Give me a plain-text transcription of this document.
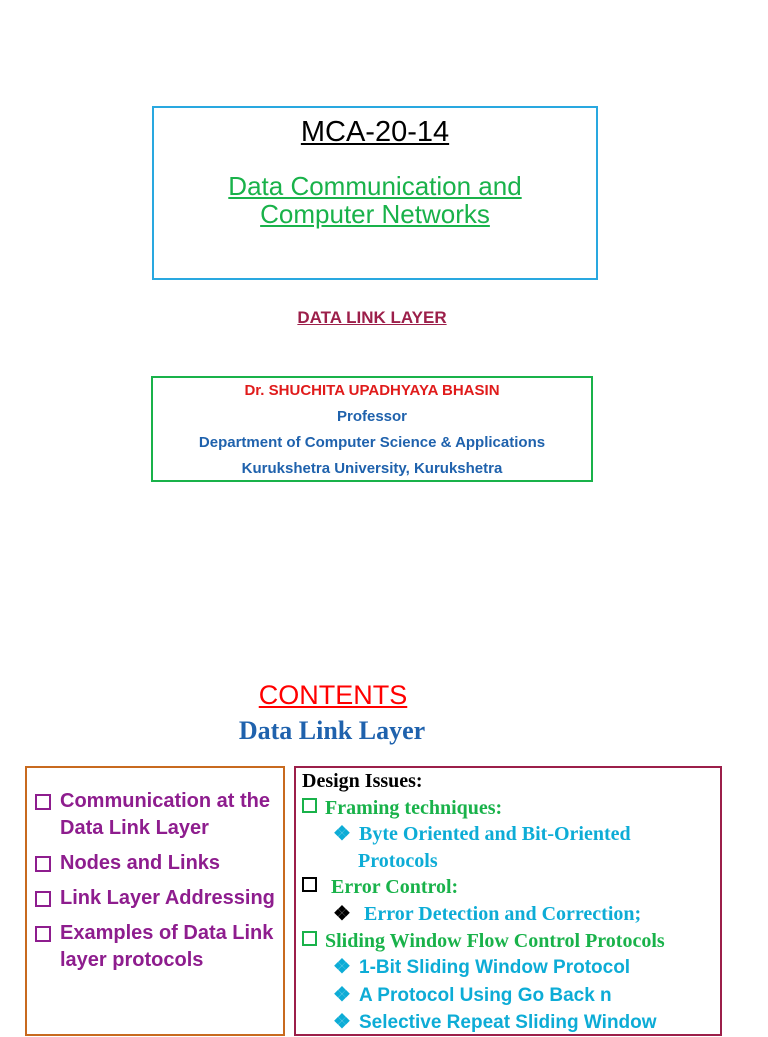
MCA-20-14
Data Communication and
Computer Networks
DATA LINK LAYER
Dr. SHUCHITA UPADHYAYA BHASIN
Professor
Department of Computer Science & Applications
Kurukshetra University, Kurukshetra
CONTENTS
Data Link Layer
Communication at the Data Link Layer
Nodes and Links
Link Layer Addressing
Examples of Data Link layer protocols
Design Issues:
Framing techniques:
❖ Byte Oriented and Bit-Oriented
Protocols
Error Control:
❖ Error Detection and Correction;
Sliding Window Flow Control Protocols
❖ 1-Bit Sliding Window Protocol
❖ A Protocol Using Go Back n
❖ Selective Repeat Sliding Window
